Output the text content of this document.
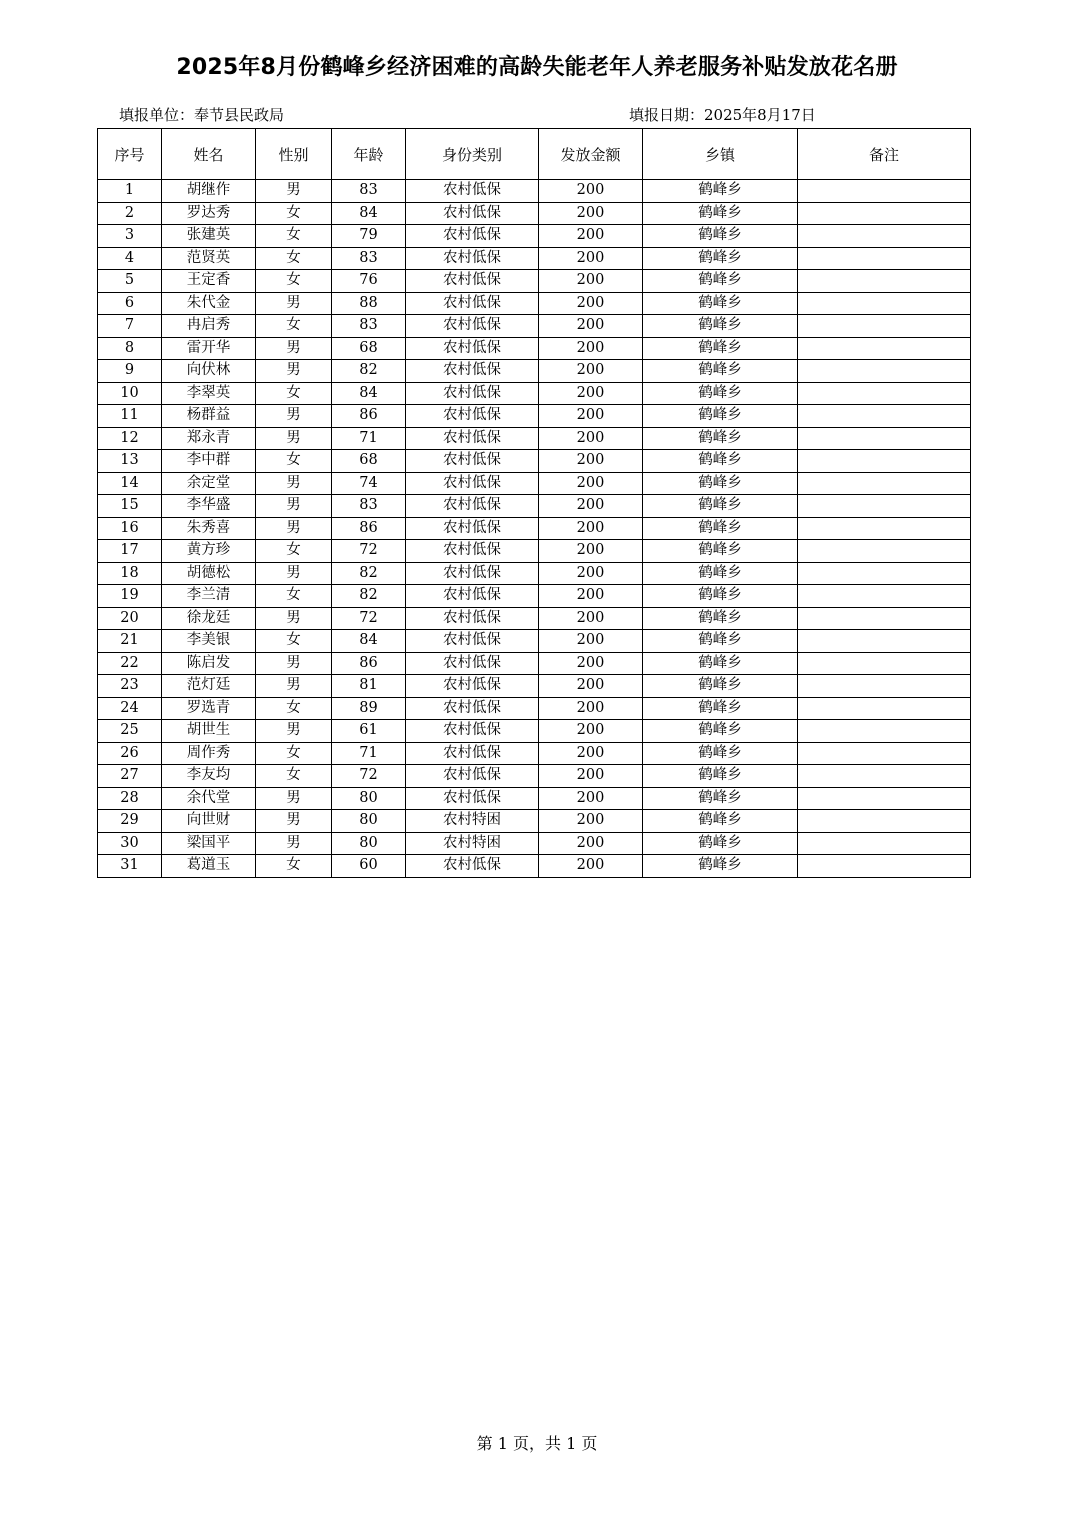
2025年8月份鹤峰乡经济困难的高龄失能老年人养老服务补贴发放花名册
填报单位：奉节县民政局	填报日期：2025年8月17日
序号	姓名	性别	年龄	身份类别	发放金额	乡镇	备注
1	胡继作	男	83	农村低保	200	鹤峰乡	
2	罗达秀	女	84	农村低保	200	鹤峰乡	
3	张建英	女	79	农村低保	200	鹤峰乡	
4	范贤英	女	83	农村低保	200	鹤峰乡	
5	王定香	女	76	农村低保	200	鹤峰乡	
6	朱代金	男	88	农村低保	200	鹤峰乡	
7	冉启秀	女	83	农村低保	200	鹤峰乡	
8	雷开华	男	68	农村低保	200	鹤峰乡	
9	向伏林	男	82	农村低保	200	鹤峰乡	
10	李翠英	女	84	农村低保	200	鹤峰乡	
11	杨群益	男	86	农村低保	200	鹤峰乡	
12	郑永青	男	71	农村低保	200	鹤峰乡	
13	李中群	女	68	农村低保	200	鹤峰乡	
14	余定堂	男	74	农村低保	200	鹤峰乡	
15	李华盛	男	83	农村低保	200	鹤峰乡	
16	朱秀喜	男	86	农村低保	200	鹤峰乡	
17	黄方珍	女	72	农村低保	200	鹤峰乡	
18	胡德松	男	82	农村低保	200	鹤峰乡	
19	李兰清	女	82	农村低保	200	鹤峰乡	
20	徐龙廷	男	72	农村低保	200	鹤峰乡	
21	李美银	女	84	农村低保	200	鹤峰乡	
22	陈启发	男	86	农村低保	200	鹤峰乡	
23	范灯廷	男	81	农村低保	200	鹤峰乡	
24	罗选青	女	89	农村低保	200	鹤峰乡	
25	胡世生	男	61	农村低保	200	鹤峰乡	
26	周作秀	女	71	农村低保	200	鹤峰乡	
27	李友均	女	72	农村低保	200	鹤峰乡	
28	余代堂	男	80	农村低保	200	鹤峰乡	
29	向世财	男	80	农村特困	200	鹤峰乡	
30	梁国平	男	80	农村特困	200	鹤峰乡	
31	葛道玉	女	60	农村低保	200	鹤峰乡	
第 1 页，共 1 页
